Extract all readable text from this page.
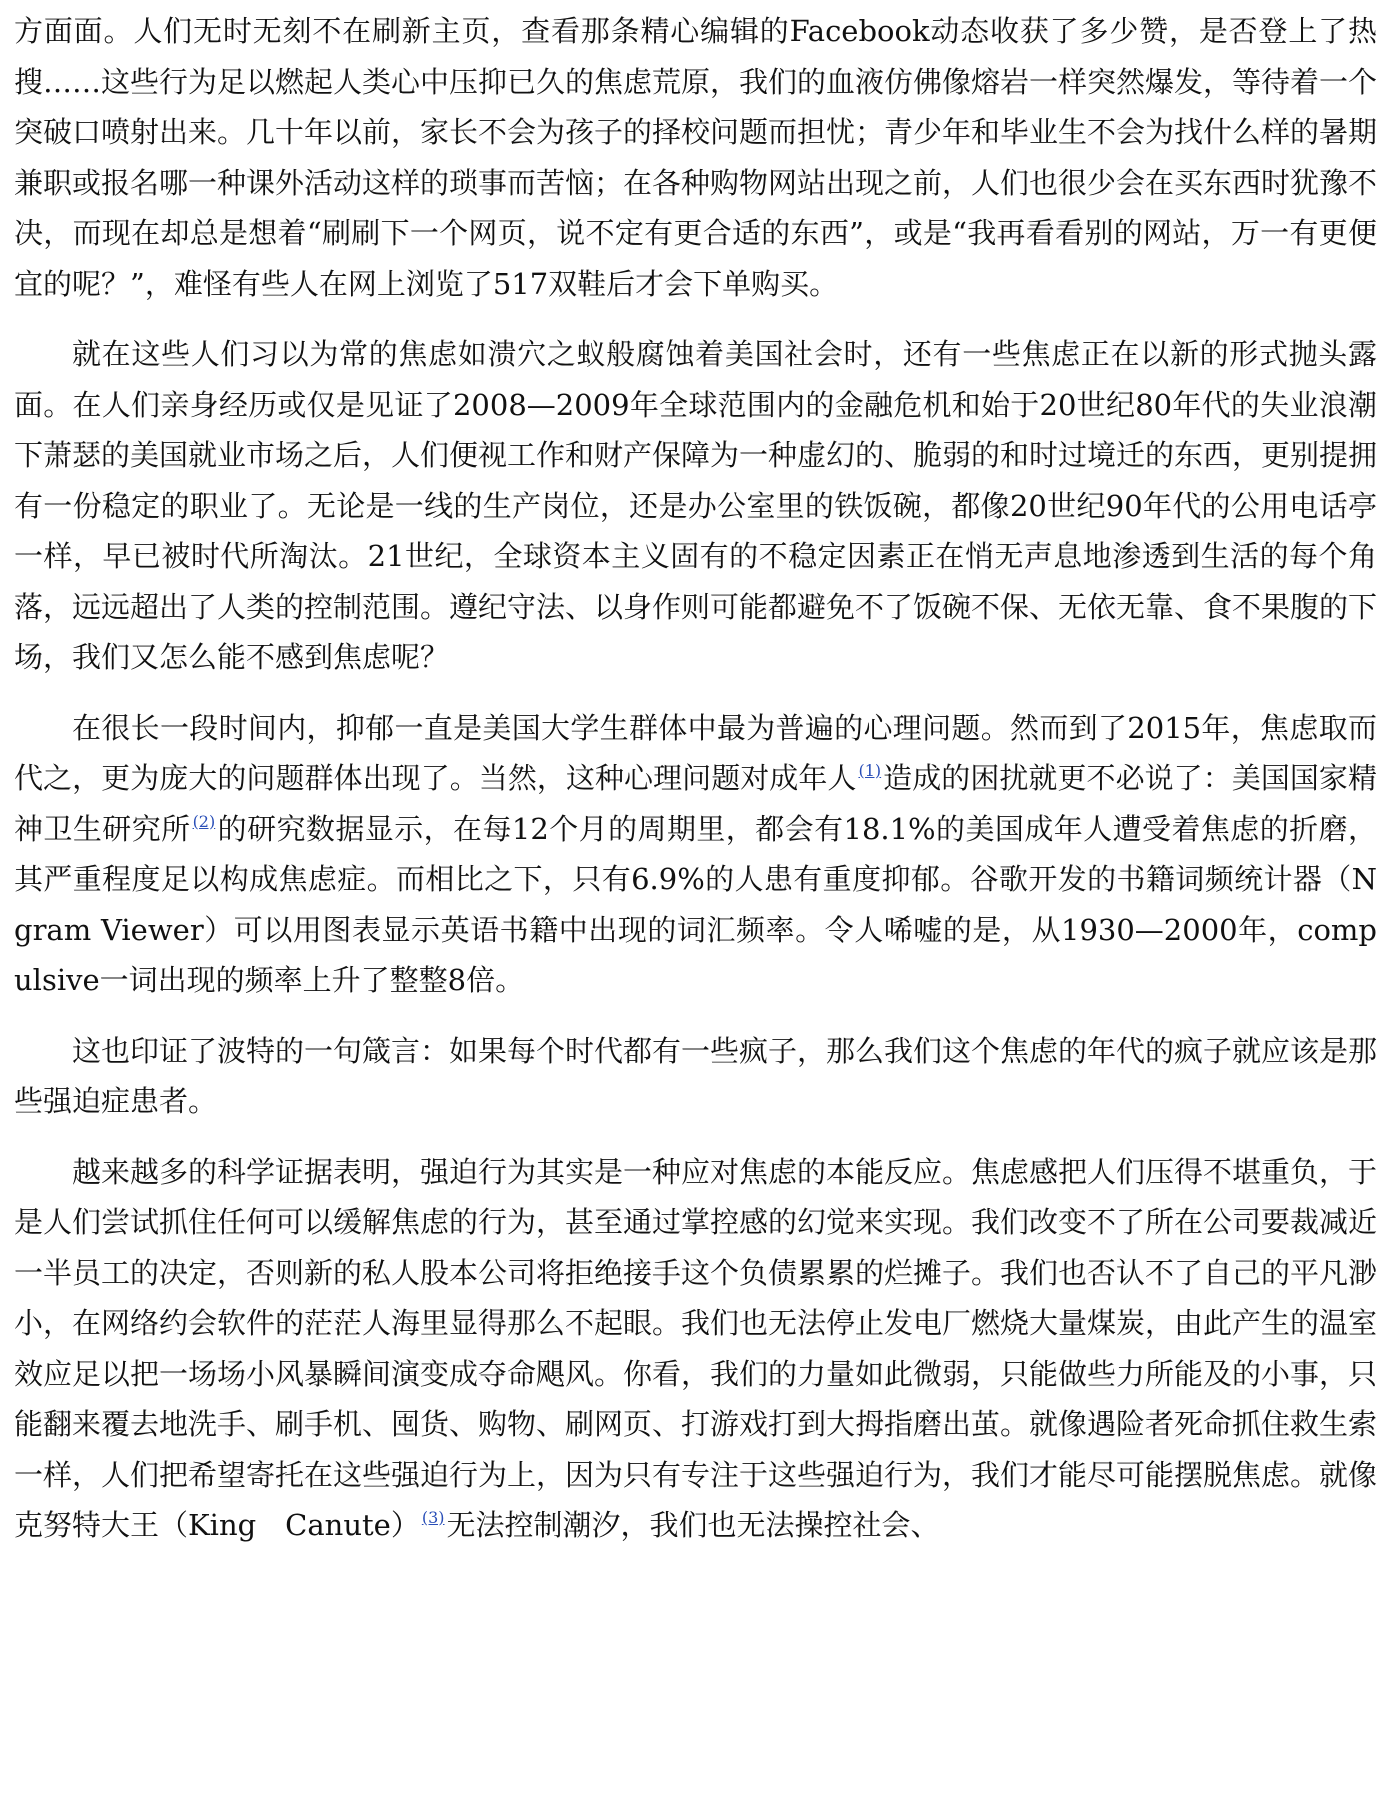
方面面。人们无时无刻不在刷新主页，查看那条精心编辑的Facebook动态收获了多少赞，是否登上了热搜……这些行为足以燃起人类心中压抑已久的焦虑荒原，我们的血液仿佛像熔岩一样突然爆发，等待着一个突破口喷射出来。几十年以前，家长不会为孩子的择校问题而担忧；青少年和毕业生不会为找什么样的暑期兼职或报名哪一种课外活动这样的琐事而苦恼；在各种购物网站出现之前，人们也很少会在买东西时犹豫不决，而现在却总是想着“刷刷下一个网页，说不定有更合适的东西”，或是“我再看看别的网站，万一有更便宜的呢？”，难怪有些人在网上浏览了517双鞋后才会下单购买。

就在这些人们习以为常的焦虑如溃穴之蚁般腐蚀着美国社会时，还有一些焦虑正在以新的形式抛头露面。在人们亲身经历或仅是见证了2008—2009年全球范围内的金融危机和始于20世纪80年代的失业浪潮下萧瑟的美国就业市场之后，人们便视工作和财产保障为一种虚幻的、脆弱的和时过境迁的东西，更别提拥有一份稳定的职业了。无论是一线的生产岗位，还是办公室里的铁饭碗，都像20世纪90年代的公用电话亭一样，早已被时代所淘汰。21世纪，全球资本主义固有的不稳定因素正在悄无声息地渗透到生活的每个角落，远远超出了人类的控制范围。遵纪守法、以身作则可能都避免不了饭碗不保、无依无靠、食不果腹的下场，我们又怎么能不感到焦虑呢？

在很长一段时间内，抑郁一直是美国大学生群体中最为普遍的心理问题。然而到了2015年，焦虑取而代之，更为庞大的问题群体出现了。当然，这种心理问题对成年人 $^{(1)}$造成的困扰就更不必说了：美国国家精神卫生研究所 $^{(2)}$的研究数据显示，在每12个月的周期里，都会有18.1%的美国成年人遭受着焦虑的折磨，其严重程度足以构成焦虑症。而相比之下，只有6.9%的人患有重度抑郁。谷歌开发的书籍词频统计器（Ngram Viewer）可以用图表显示英语书籍中出现的词汇频率。令人唏嘘的是，从1930—2000年，compulsive一词出现的频率上升了整整8倍。

这也印证了波特的一句箴言：如果每个时代都有一些疯子，那么我们这个焦虑的年代的疯子就应该是那些强迫症患者。

越来越多的科学证据表明，强迫行为其实是一种应对焦虑的本能反应。焦虑感把人们压得不堪重负，于是人们尝试抓住任何可以缓解焦虑的行为，甚至通过掌控感的幻觉来实现。我们改变不了所在公司要裁减近一半员工的决定，否则新的私人股本公司将拒绝接手这个负债累累的烂摊子。我们也否认不了自己的平凡渺小，在网络约会软件的茫茫人海里显得那么不起眼。我们也无法停止发电厂燃烧大量煤炭，由此产生的温室效应足以把一场场小风暴瞬间演变成夺命飓风。你看，我们的力量如此微弱，只能做些力所能及的小事，只能翻来覆去地洗手、刷手机、囤货、购物、刷网页、打游戏打到大拇指磨出茧。就像遇险者死命抓住救生索一样，人们把希望寄托在这些强迫行为上，因为只有专注于这些强迫行为，我们才能尽可能摆脱焦虑。就像克努特大王（King　Canute） $^{(3)}$无法控制潮汐，我们也无法操控社会、
